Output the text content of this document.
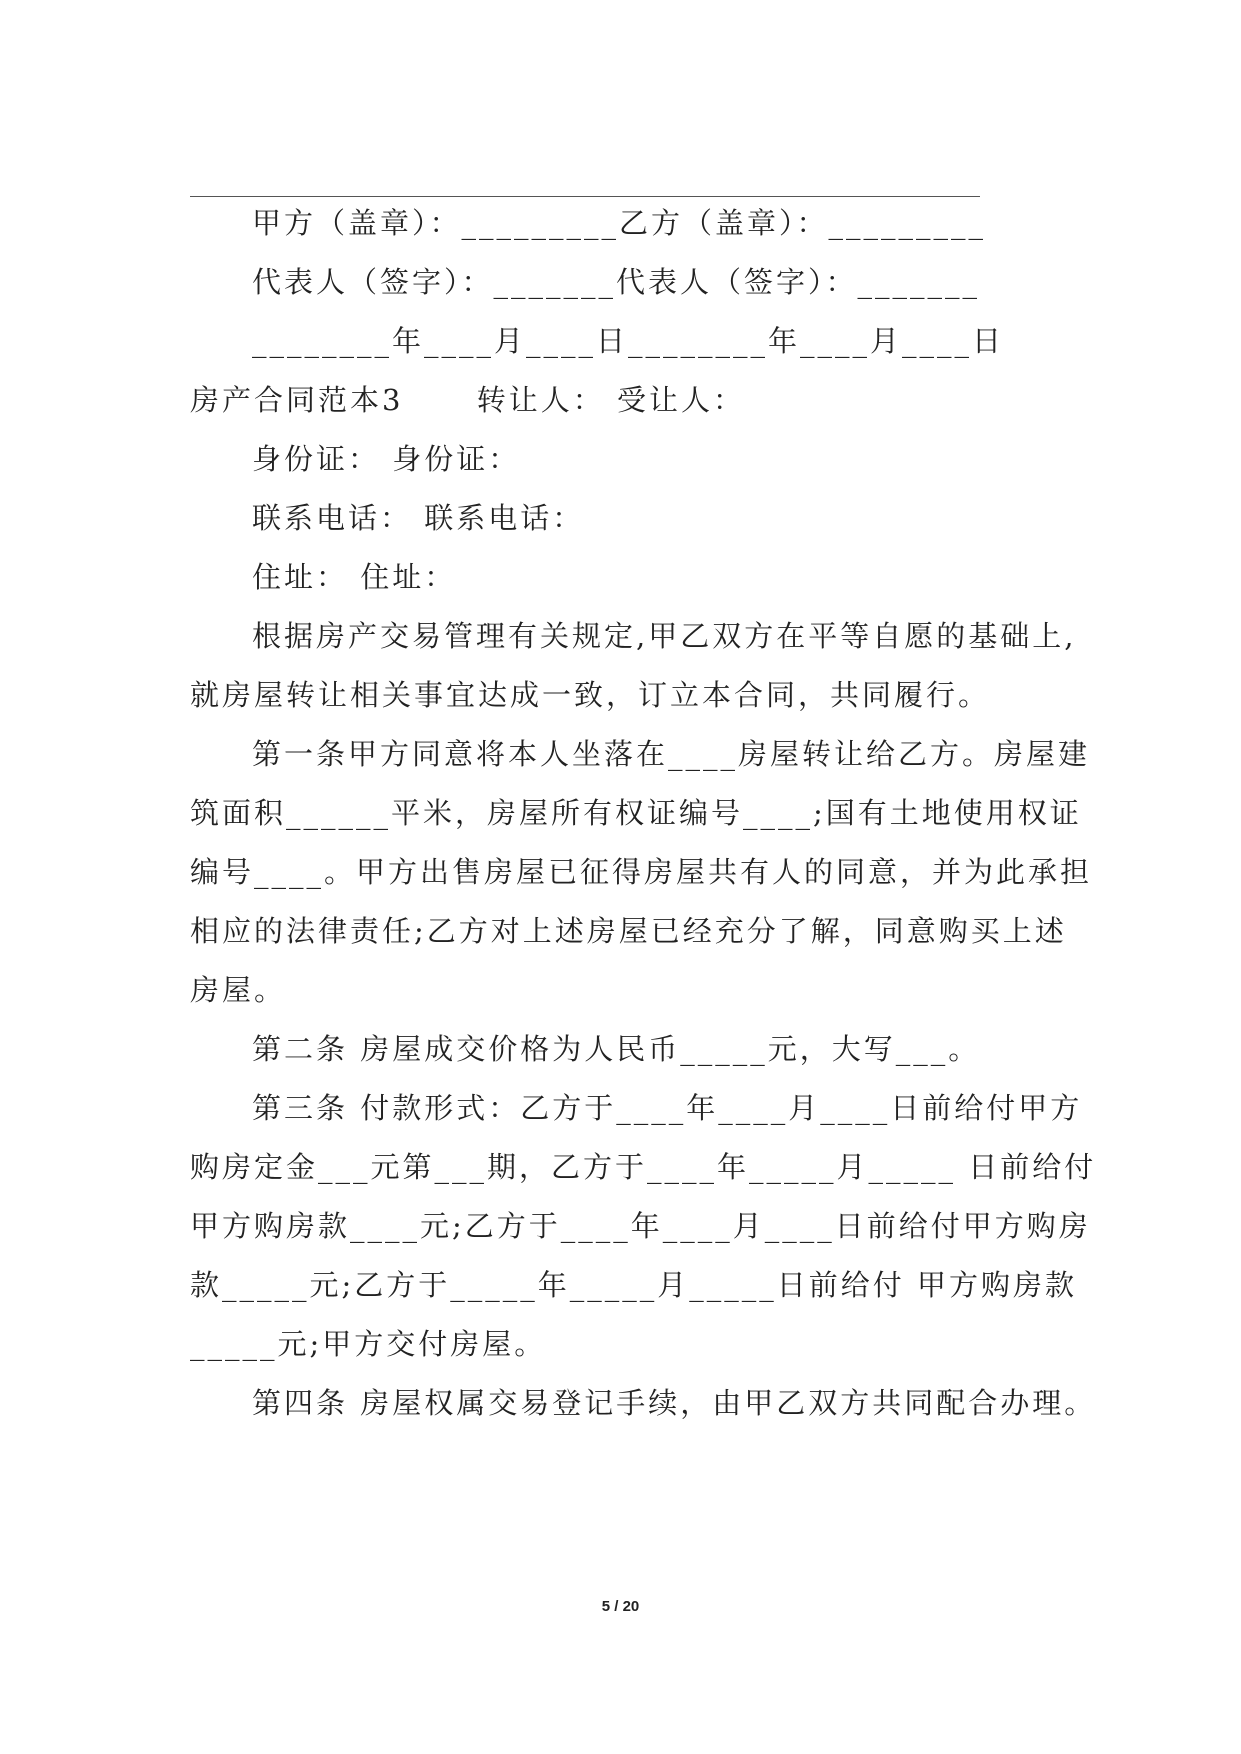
甲方（盖章）：_________乙方（盖章）：_________
代表人（签字）：_______代表人（签字）：_______
________年____月____日________年____月____日
房产合同范本3      转让人： 受让人：
身份证： 身份证：
联系电话： 联系电话：
住址： 住址：
根据房产交易管理有关规定,甲乙双方在平等自愿的基础上,
就房屋转让相关事宜达成一致，订立本合同，共同履行。
第一条甲方同意将本人坐落在____房屋转让给乙方。房屋建
筑面积______平米，房屋所有权证编号____;国有土地使用权证
编号____。甲方出售房屋已征得房屋共有人的同意，并为此承担
相应的法律责任;乙方对上述房屋已经充分了解，同意购买上述
房屋。
第二条 房屋成交价格为人民币_____元，大写___。
第三条 付款形式：乙方于____年____月____日前给付甲方
购房定金___元第___期，乙方于____年_____月_____ 日前给付
甲方购房款____元;乙方于____年____月____日前给付甲方购房
款_____元;乙方于_____年_____月_____日前给付 甲方购房款
_____元;甲方交付房屋。
第四条 房屋权属交易登记手续，由甲乙双方共同配合办理。
5 / 20
